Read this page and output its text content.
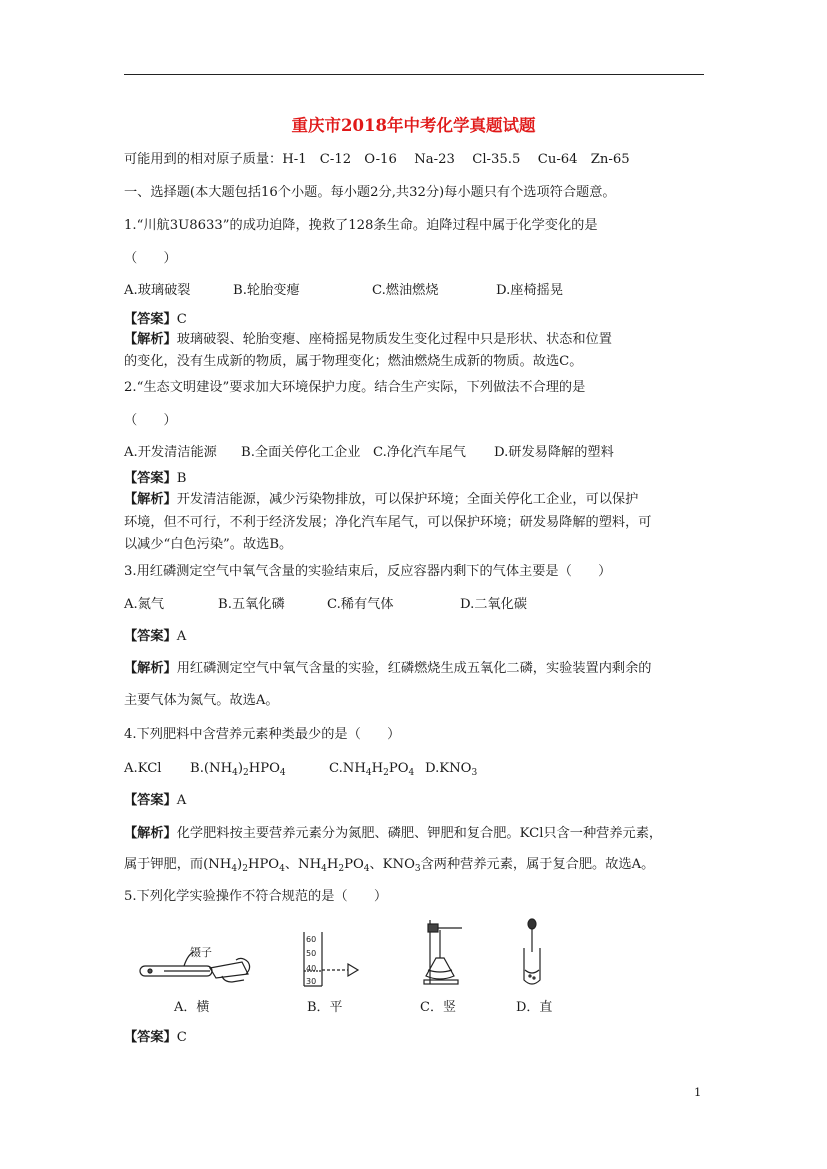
重庆市2018年中考化学真题试题
可能用到的相对原子质量：H-1　C-12　O-16　 Na-23　 Cl-35.5　 Cu-64　Zn-65
一、选择题(本大题包括16个小题。每小题2分,共32分)每小题只有个选项符合题意。
1.“川航3U8633”的成功迫降，挽救了128条生命。迫降过程中属于化学变化的是
（　　）
A.玻璃破裂	B.轮胎变瘪	C.燃油燃烧	D.座椅摇晃
【答案】C
【解析】玻璃破裂、轮胎变瘪、座椅摇晃物质发生变化过程中只是形状、状态和位置
的变化，没有生成新的物质，属于物理变化；燃油燃烧生成新的物质。故选C。
2.“生态文明建设”要求加大环境保护力度。结合生产实际，下列做法不合理的是
（　　）
A.开发清洁能源 B.全面关停化工企业 C.净化汽车尾气 D.研发易降解的塑料
【答案】B
【解析】开发清洁能源，减少污染物排放，可以保护环境；全面关停化工企业，可以保护
环境，但不可行，不利于经济发展；净化汽车尾气，可以保护环境；研发易降解的塑料，可
以减少“白色污染”。故选B。
3.用红磷测定空气中氧气含量的实验结束后，反应容器内剩下的气体主要是（　　）
A.氮气	B.五氧化磷	C.稀有气体	D.二氧化碳
【答案】A
【解析】用红磷测定空气中氧气含量的实验，红磷燃烧生成五氧化二磷，实验装置内剩余的
主要气体为氮气。故选A。
4.下列肥料中含营养元素种类最少的是（　　）
A.KCl $B.(NH_4)_2HPO_4$	$C.NH_4H_2PO_4$ $D.KNO_3$
【答案】A
【解析】化学肥料按主要营养元素分为氮肥、磷肥、钾肥和复合肥。KCl只含一种营养元素，
属于钾肥，而$(NH_4)_2HPO_4$、$NH_4H_2PO_4$、$KNO_3$含两种营养元素，属于复合肥。故选A。
5.下列化学实验操作不符合规范的是（　　）
镊子
60
50
40
30
A．横	B．平	C．竖	D．直
【答案】C
1
